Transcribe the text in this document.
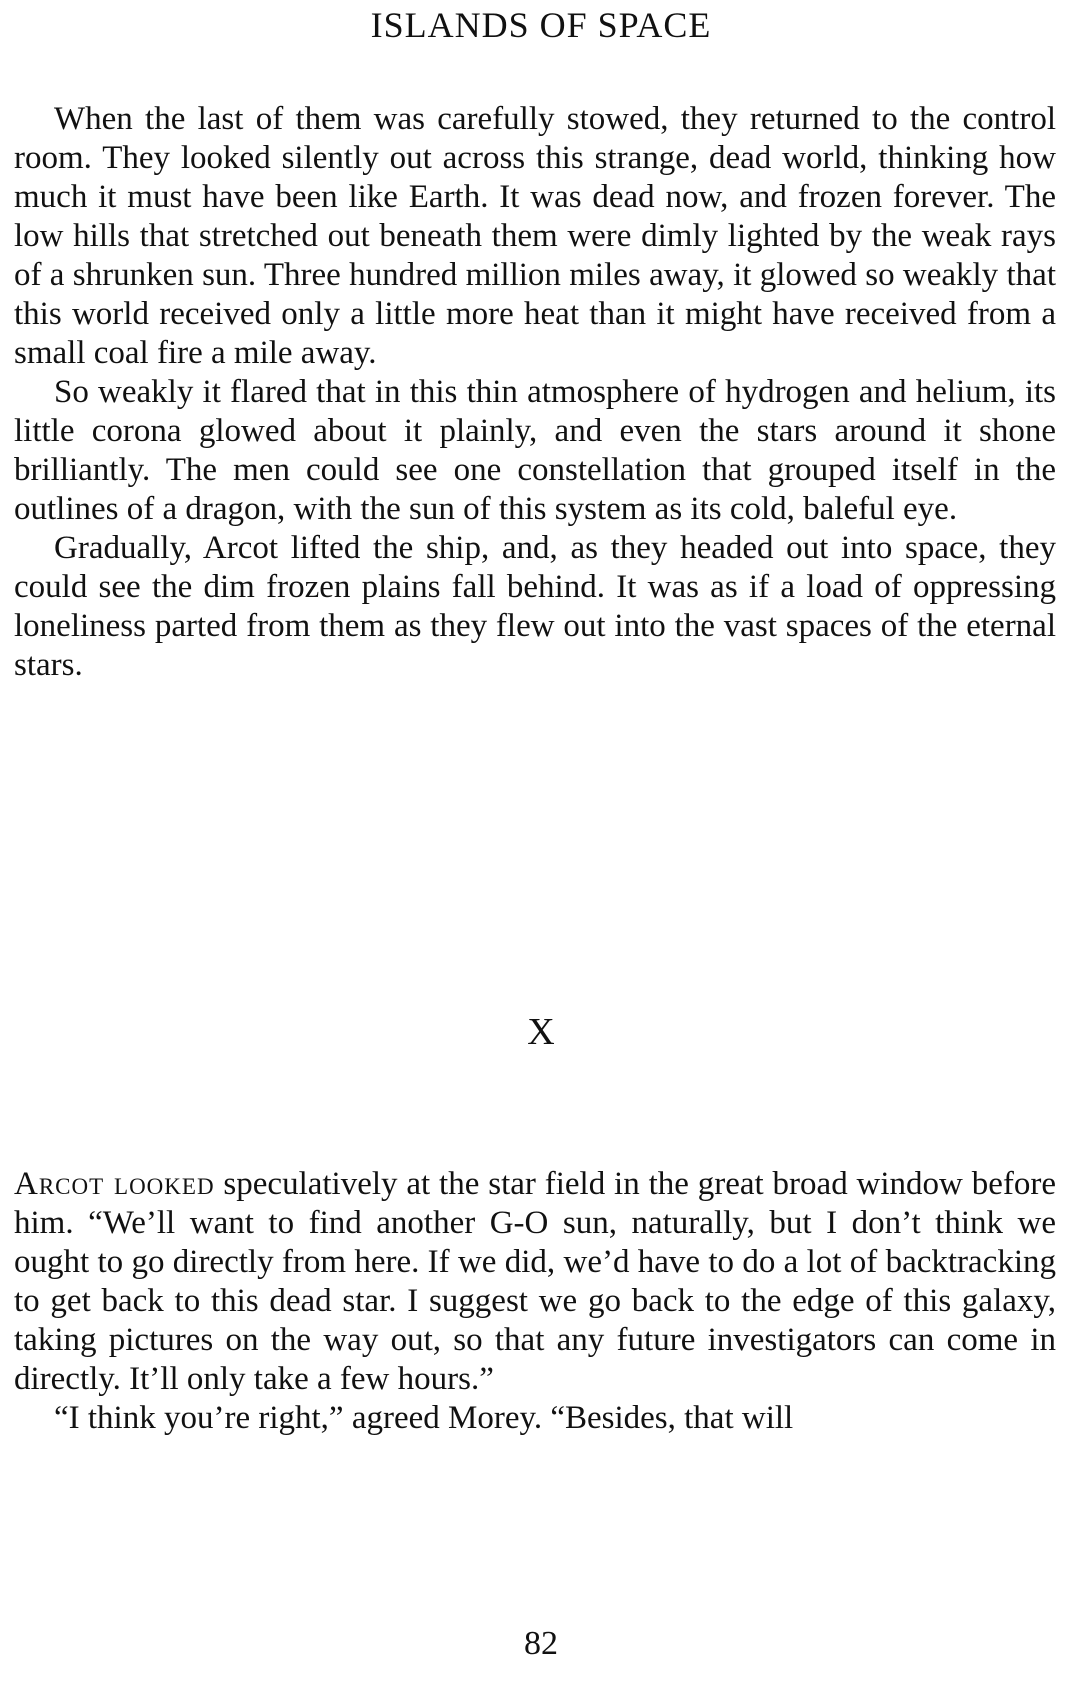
ISLANDS OF SPACE

When the last of them was carefully stowed, they returned to the control room. They looked silently out across this strange, dead world, thinking how much it must have been like Earth. It was dead now, and frozen forever. The low hills that stretched out beneath them were dimly lighted by the weak rays of a shrunken sun. Three hundred million miles away, it glowed so weakly that this world received only a little more heat than it might have received from a small coal fire a mile away.

So weakly it flared that in this thin atmosphere of hydrogen and helium, its little corona glowed about it plainly, and even the stars around it shone brilliantly. The men could see one constellation that grouped itself in the outlines of a dragon, with the sun of this system as its cold, baleful eye.

Gradually, Arcot lifted the ship, and, as they headed out into space, they could see the dim frozen plains fall behind. It was as if a load of oppressing loneliness parted from them as they flew out into the vast spaces of the eternal stars.

X

Arcot looked speculatively at the star field in the great broad window before him. “We’ll want to find another G-O sun, naturally, but I don’t think we ought to go directly from here. If we did, we’d have to do a lot of backtracking to get back to this dead star. I suggest we go back to the edge of this galaxy, taking pictures on the way out, so that any future investigators can come in directly. It’ll only take a few hours.”

“I think you’re right,” agreed Morey. “Besides, that will

82
